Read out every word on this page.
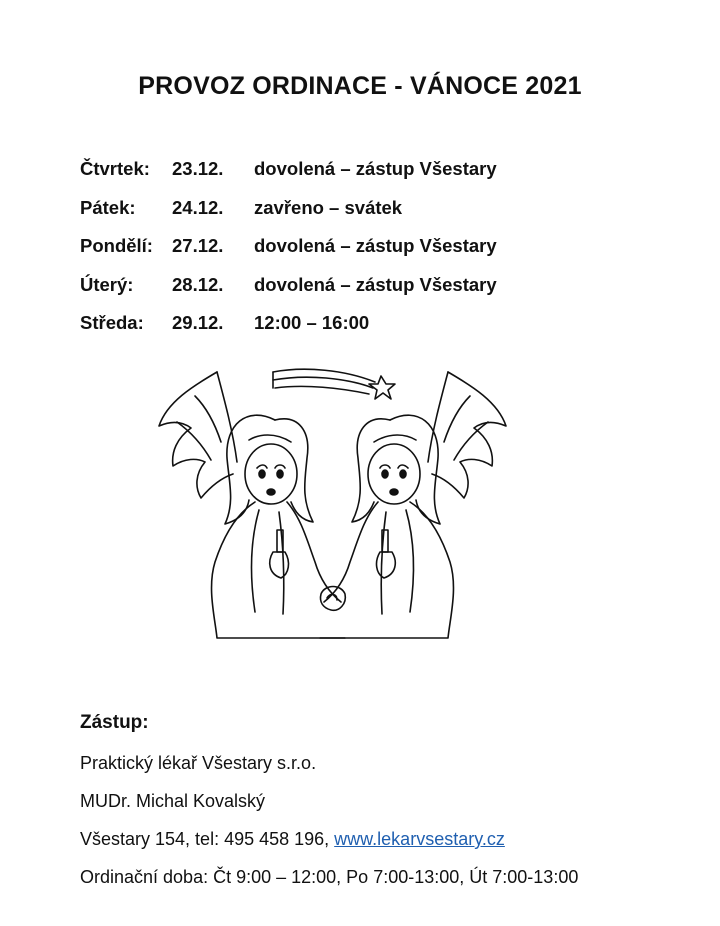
PROVOZ ORDINACE - VÁNOCE 2021
Čtvrtek:	23.12.	dovolená – zástup Všestary
Pátek:	24.12.	zavřeno – svátek
Pondělí:	27.12.	dovolená – zástup Všestary
Úterý:	28.12.	dovolená – zástup Všestary
Středa:	29.12.	12:00 – 16:00
Zástup:
Praktický lékař Všestary s.r.o.
MUDr. Michal Kovalský
Všestary 154, tel: 495 458 196, www.lekarvsestary.cz
Ordinační doba: Čt 9:00 – 12:00, Po 7:00-13:00, Út 7:00-13:00
